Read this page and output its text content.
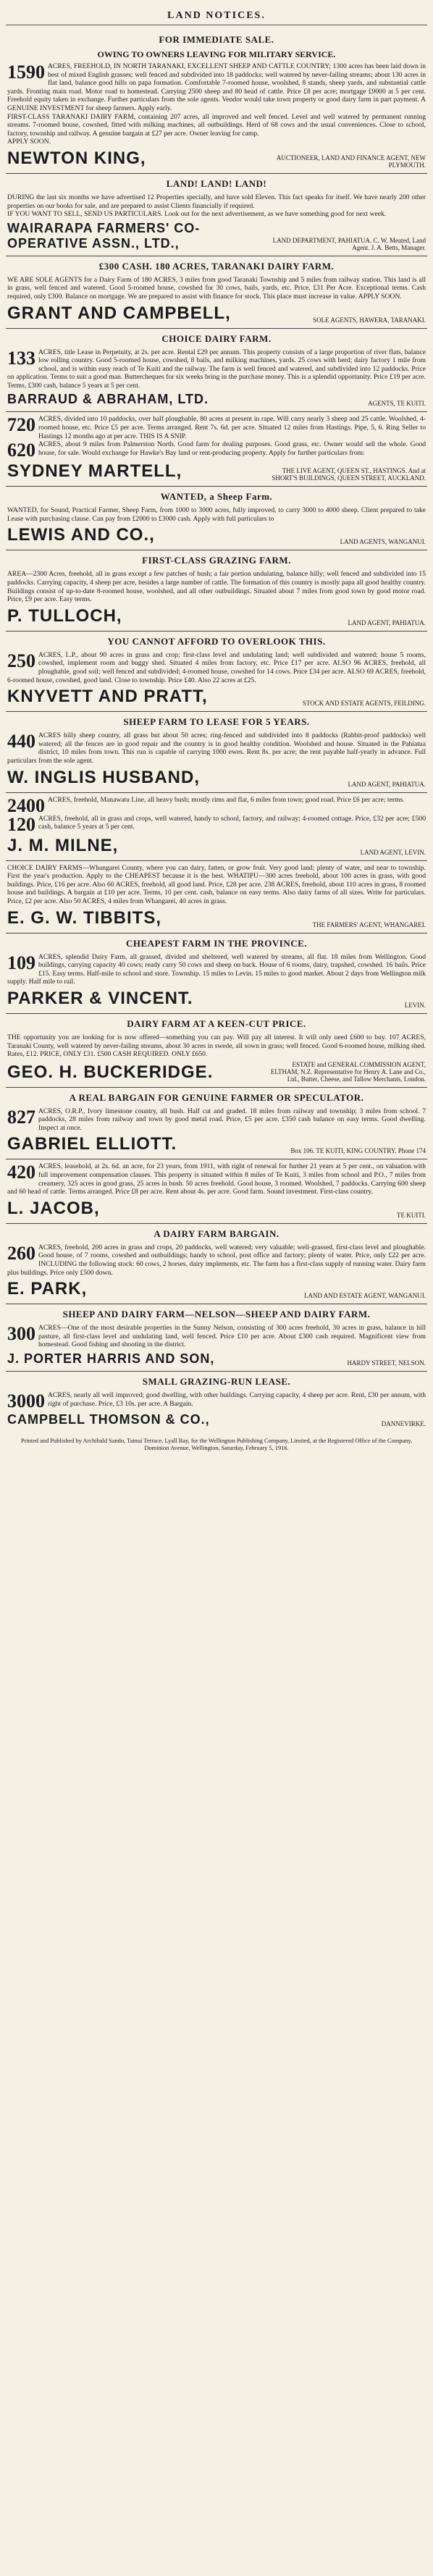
LAND NOTICES.
FOR IMMEDIATE SALE.
OWING TO OWNERS LEAVING FOR MILITARY SERVICE.
1590 ACRES, FREEHOLD, IN NORTH TARANAKI, EXCELLENT SHEEP AND CATTLE COUNTRY; 1300 acres has been laid down in best of mixed English grasses; well fenced and subdivided into 18 paddocks; well watered by never-failing streams; about 130 acres in flat land, balance good hills on papa formation. Comfortable 7-roomed house, woolshed, 8 stands, sheep yards, and substantial cattle yards. Fronting main road. Motor road to homestead. Carrying 2500 sheep and 80 head of cattle. Price £8 per acre; mortgage £9000 at 5 per cent. Freehold equity taken in exchange. Further particulars from the sole agents. Vendor would take town property or good dairy farm in part payment. A GENUINE INVESTMENT for sheep farmers. Apply early.
FIRST-CLASS TARANAKI DAIRY FARM, containing 207 acres, all improved and well fenced. Level and well watered by permanent running streams. 7-roomed house, cowshed, fitted with milking machines, all outbuildings. Herd of 68 cows and the usual conveniences. Close to school, factory, township and railway. A genuine bargain at £27 per acre. Owner leaving for camp.
APPLY SOON.
NEWTON KING,	AUCTIONEER, LAND AND FINANCE AGENT, NEW PLYMOUTH.
LAND! LAND! LAND!
DURING the last six months we have advertised 12 Properties specially, and have sold Eleven. This fact speaks for itself. We have nearly 200 other properties on our books for sale, and are prepared to assist Clients financially if required.
IF YOU WANT TO SELL, SEND US PARTICULARS. Look out for the next advertisement, as we have something good for next week.
WAIRARAPA FARMERS' CO-OPERATIVE ASSN., LTD.,	LAND DEPARTMENT, PAHIATUA. C. W. Meated, Land Agent. J. A. Betts, Manager.
£300 CASH. 180 ACRES, TARANAKI DAIRY FARM.
WE ARE SOLE AGENTS for a Dairy Farm of 180 ACRES, 3 miles from good Taranaki Township and 5 miles from railway station. This land is all in grass, well fenced and watered. Good 5-roomed house, cowshed for 30 cows, bails, yards, etc. Price, £31 Per Acre. Exceptional terms. Cash required, only £300. Balance on mortgage. We are prepared to assist with finance for stock. This place must increase in value. APPLY SOON.
GRANT AND CAMPBELL,	SOLE AGENTS, HAWERA, TARANAKI.
CHOICE DAIRY FARM.
133 ACRES, title Lease in Perpetuity, at 2s. per acre. Rental £29 per annum. This property consists of a large proportion of river flats, balance low rolling country. Good 5-roomed house, cowshed, 8 bails, and milking machines, yards. 25 cows with herd; dairy factory 1 mile from school, and is within easy reach of Te Kuiti and the railway. The farm is well fenced and watered, and subdivided into 12 paddocks. Price on application. Terms to suit a good man. Buttercheques for six weeks bring in the purchase money. This is a splendid opportunity. Price £19 per acre. Terms, £300 cash, balance 5 years at 5 per cent.
BARRAUD & ABRAHAM, LTD.	AGENTS, TE KUITI.
720 ACRES, divided into 10 paddocks, over half ploughable, 80 acres at present in rape. Will carry nearly 3 sheep and 25 cattle. Woolshed, 4-roomed house, etc. Price £5 per acre. Terms arranged. Rent 7s. 6d. per acre. Situated 12 miles from Hastings. Pipe, 5, 6. Ring Seller to Hastings 12 months ago at per acre. THIS IS A SNIP.
620 ACRES, about 9 miles from Palmerston North. Good farm for dealing purposes. Good grass, etc. Owner would sell the whole. Good house, for sale. Would exchange for Hawke's Bay land or rent-producing property. Apply for further particulars from:
SYDNEY MARTELL,	THE LIVE AGENT, QUEEN ST., HASTINGS. And at SHORT'S BUILDINGS, QUEEN STREET, AUCKLAND.
WANTED, a Sheep Farm.
WANTED, for Sound, Practical Farmer, Sheep Farm, from 1000 to 3000 acres, fully improved, to carry 3000 to 4000 sheep. Client prepared to take Lease with purchasing clause. Can pay from £2000 to £3000 cash. Apply with full particulars to
LEWIS AND CO.,	LAND AGENTS, WANGANUI.
FIRST-CLASS GRAZING FARM.
AREA—2300 Acres, freehold, all in grass except a few patches of bush; a fair portion undulating, balance hilly; well fenced and subdivided into 15 paddocks. Carrying capacity, 4 sheep per acre, besides a large number of cattle. The formation of this country is mostly papa all good healthy country. Buildings consist of up-to-date 8-roomed house, woolshed, and all other outbuildings. Situated about 7 miles from good town by good motor road. Price, £9 per acre. Easy terms.
P. TULLOCH,	LAND AGENT, PAHIATUA.
YOU CANNOT AFFORD TO OVERLOOK THIS.
250 ACRES, L.P., about 90 acres in grass and crop; first-class level and undulating land; well subdivided and watered; house 5 rooms, cowshed, implement room and buggy shed. Situated 4 miles from factory, etc. Price £17 per acre. ALSO 96 ACRES, freehold, all ploughable, good soil; well fenced and subdivided; 4-roomed house, cowshed for 14 cows. Price £34 per acre. ALSO 69 ACRES, freehold, 6-roomed house, cowshed, good land. Close to township. Price £40. Also 22 acres at £25.
KNYVETT AND PRATT,	STOCK AND ESTATE AGENTS, FEILDING.
SHEEP FARM TO LEASE FOR 5 YEARS.
440 ACRES hilly sheep country, all grass but about 50 acres; ring-fenced and subdivided into 8 paddocks (Rabbit-proof paddocks) well watered; all the fences are in good repair and the country is in good healthy condition. Woolshed and house. Situated in the Pahiatua district, 10 miles from town. This run is capable of carrying 1000 ewes. Rent 8s. per acre; the rent payable half-yearly in advance. Full particulars from the sole agent.
W. INGLIS HUSBAND,	LAND AGENT, PAHIATUA.
2400 ACRES, freehold, Manawatu Line, all heavy bush; mostly rims and flat, 6 miles from town; good road. Price £6 per acre; terms.
120 ACRES, freehold, all in grass and crops, well watered, handy to school, factory, and railway; 4-roomed cottage. Price, £32 per acre; £500 cash, balance 5 years at 5 per cent.
J. M. MILNE,	LAND AGENT, LEVIN.
CHOICE DAIRY FARMS—Whangarei County, where you can dairy, fatten, or grow fruit. Very good land; plenty of water, and near to township. First the year's production. Apply to the CHEAPEST because it is the best. WHATIPU—300 acres freehold, about 100 acres in grass, with good buildings. Price, £16 per acre. Also 60 ACRES, freehold, all good land. Price, £28 per acre. 238 ACRES, freehold, about 110 acres in grass, 8 roomed house and buildings. A bargain at £10 per acre. Terms, 10 per cent. cash, balance on easy terms. Also dairy farms of all sizes. Write for particulars. Price, £2 per acre. Also 50 ACRES, 4 miles from Whangarei, 40 acres in grass.
E. G. W. TIBBITS,	THE FARMERS' AGENT, WHANGAREI.
CHEAPEST FARM IN THE PROVINCE.
109 ACRES, splendid Dairy Farm, all grassed, divided and sheltered, well watered by streams, all flat. 18 miles from Wellington. Good buildings, carrying capacity 40 cows; ready carry 50 cows and sheep on back. House of 6 rooms, dairy, trapshed, cowshed. 16 bails. Price £15. Easy terms. Half-mile to school and store. Township. 15 miles to Levin. 15 miles to good market. About 2 days from Wellington milk supply. Half mile to rail.
PARKER & VINCENT.	LEVIN.
DAIRY FARM AT A KEEN-CUT PRICE.
THE opportunity you are looking for is now offered—something you can pay. Will pay all interest. It will only need £600 to buy. 107 ACRES, Taranaki County, well watered by never-failing streams, about 30 acres in swede, all sown in grass; well fenced. Good 6-roomed house, milking shed. Rates, £12. PRICE, ONLY £31. £500 CASH REQUIRED. ONLY £650.
GEO. H. BUCKERIDGE.	ESTATE and GENERAL COMMISSION AGENT, ELTHAM, N.Z. Representative for Henry A. Lane and Co., Ltd., Butter, Cheese, and Tallow Merchants, London.
A REAL BARGAIN FOR GENUINE FARMER OR SPECULATOR.
827 ACRES, O.R.P., Ivory limestone country, all bush. Half cut and graded. 18 miles from railway and township; 3 miles from school. 7 paddocks, 28 miles from railway and town by good metal road. Price, £5 per acre. £350 cash balance on easy terms. Good dwelling. Inspect at once.
GABRIEL ELLIOTT.	Box 106. TE KUITI, KING COUNTRY. Phone 174
420 ACRES, leasehold, at 2s. 6d. an acre, for 23 years, from 1911, with right of renewal for further 21 years at 5 per cent., on valuation with full improvement compensation clauses. This property is situated within 8 miles of Te Kuiti, 3 miles from school and P.O., 7 miles from creamery, 325 acres in good grass, 25 acres in bush. 50 acres freehold. Good house, 3 roomed. Woolshed, 7 paddocks. Carrying 600 sheep and 60 head of cattle. Terms arranged. Price £8 per acre. Rent about 4s. per acre. Good farm. Sound investment. First-class country.
L. JACOB,	TE KUITI.
A DAIRY FARM BARGAIN.
260 ACRES, freehold, 200 acres in grass and crops, 20 paddocks, well watered; very valuable; well-grassed, first-class level and ploughable. Good house, of 7 rooms, cowshed and outbuildings; handy to school, post office and factory; plenty of water. Price, only £22 per acre. INCLUDING the following stock: 60 cows, 2 horses, dairy implements, etc. The farm has a first-class supply of running water. Dairy farm plus buildings. Price only £500 down.
E. PARK,	LAND AND ESTATE AGENT, WANGANUI.
SHEEP AND DAIRY FARM—NELSON—SHEEP AND DAIRY FARM.
300 ACRES—One of the most desirable properties in the Sunny Nelson, consisting of 300 acres freehold, 30 acres in grass, balance in hill pasture, all first-class level and undulating land, well fenced. Price £10 per acre. About £300 cash required. Magnificent view from homestead. Good fishing and shooting in the district.
J. PORTER HARRIS AND SON,	HARDY STREET, NELSON.
SMALL GRAZING-RUN LEASE.
3000 ACRES, nearly all well improved; good dwelling, with other buildings. Carrying capacity, 4 sheep per acre. Rent, £30 per annum, with right of purchase. Price, £3 10s. per acre. A Bargain.
CAMPBELL THOMSON & CO.,	DANNEVIRKE.
Printed and Published by Archibald Sando, Tainui Terrace, Lyall Bay, for the Wellington Publishing Company, Limited, at the Registered Office of the Company, Dominion Avenue, Wellington, Saturday, February 5, 1916.
